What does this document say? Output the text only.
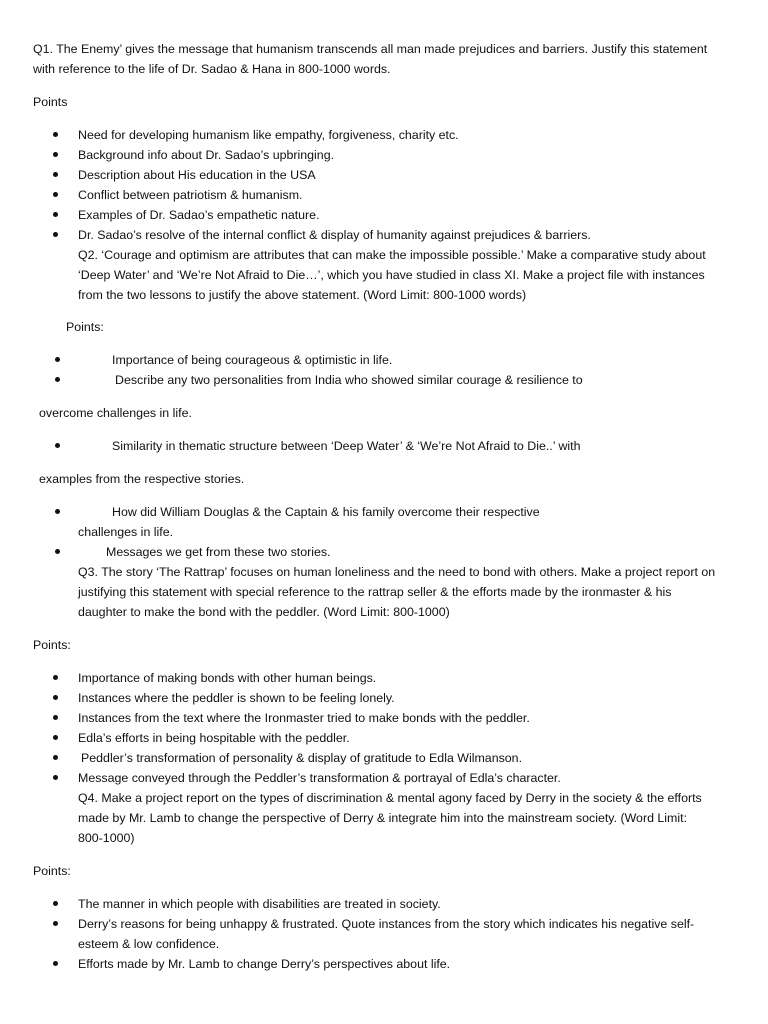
Q1. The Enemy’ gives the message that humanism transcends all man made prejudices and barriers. Justify this statement
with reference to the life of Dr. Sadao & Hana in 800-1000 words.
Points
Need for developing humanism like empathy, forgiveness, charity etc.
Background info about Dr. Sadao’s upbringing.
Description about His education in the USA
Conflict between patriotism & humanism.
Examples of Dr. Sadao’s empathetic nature.
Dr. Sadao’s resolve of the internal conflict & display of humanity against prejudices & barriers.
Q2. ‘Courage and optimism are attributes that can make the impossible possible.’ Make a comparative study about
‘Deep Water’ and ‘We’re Not Afraid to Die…’, which you have studied in class XI. Make a project file with instances
from the two lessons to justify the above statement. (Word Limit: 800-1000 words)
Points:
Importance of being courageous & optimistic in life.
Describe any two personalities from India who showed similar courage & resilience to
overcome challenges in life.
Similarity in thematic structure between ‘Deep Water’ & ‘We’re Not Afraid to Die..’ with
examples from the respective stories.
How did William Douglas & the Captain & his family overcome their respective
challenges in life.
Messages we get from these two stories.
Q3. The story ‘The Rattrap’ focuses on human loneliness and the need to bond with others. Make a project report on
justifying this statement with special reference to the rattrap seller & the efforts made by the ironmaster & his
daughter to make the bond with the peddler. (Word Limit: 800-1000)
Points:
Importance of making bonds with other human beings.
Instances where the peddler is shown to be feeling lonely.
Instances from the text where the Ironmaster tried to make bonds with the peddler.
Edla’s efforts in being hospitable with the peddler.
Peddler’s transformation of personality & display of gratitude to Edla Wilmanson.
Message conveyed through the Peddler’s transformation & portrayal of Edla’s character.
Q4. Make a project report on the types of discrimination & mental agony faced by Derry in the society & the efforts
made by Mr. Lamb to change the perspective of Derry & integrate him into the mainstream society. (Word Limit:
800-1000)
Points:
The manner in which people with disabilities are treated in society.
Derry’s reasons for being unhappy & frustrated. Quote instances from the story which indicates his negative self-
esteem & low confidence.
Efforts made by Mr. Lamb to change Derry’s perspectives about life.
